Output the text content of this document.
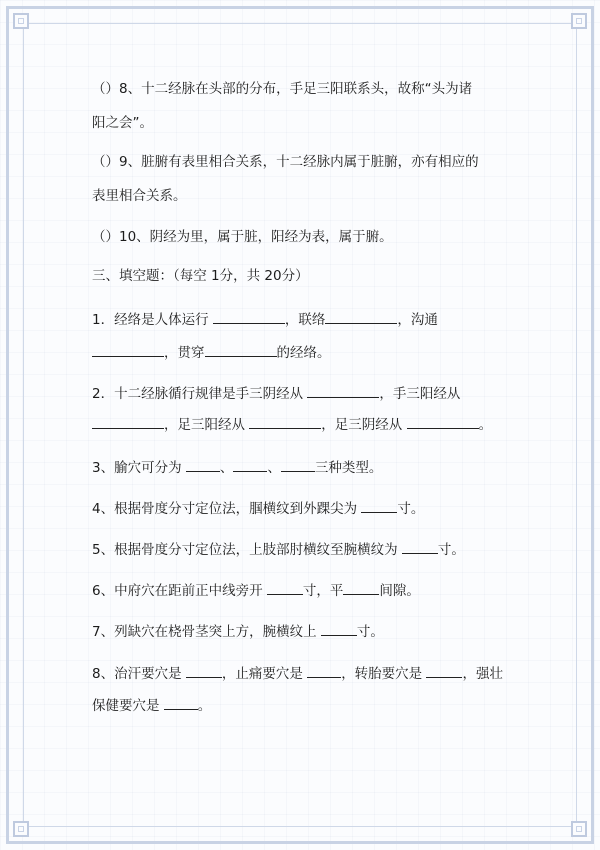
（）8、十二经脉在头部的分布，手足三阳联系头，故称“头为诸
阳之会”。
（）9、脏腑有表里相合关系，十二经脉内属于脏腑，亦有相应的
表里相合关系。
（）10、阴经为里，属于脏，阳经为表，属于腑。
三、填空题：（每空 1分，共 20分）
1．经络是人体运行	，联络	，沟通
，贯穿	的经络。
2．十二经脉循行规律是手三阴经从	，手三阳经从
，足三阳经从	，足三阴经从	。
3、腧穴可分为	、	、	三种类型。
4、根据骨度分寸定位法，腘横纹到外踝尖为	寸。
5、根据骨度分寸定位法，上肢部肘横纹至腕横纹为	寸。
6、中府穴在距前正中线旁开	寸，平	间隙。
7、列缺穴在桡骨茎突上方，腕横纹上	寸。
8、治汗要穴是	，止痛要穴是	，转胎要穴是	，强壮
保健要穴是	。
